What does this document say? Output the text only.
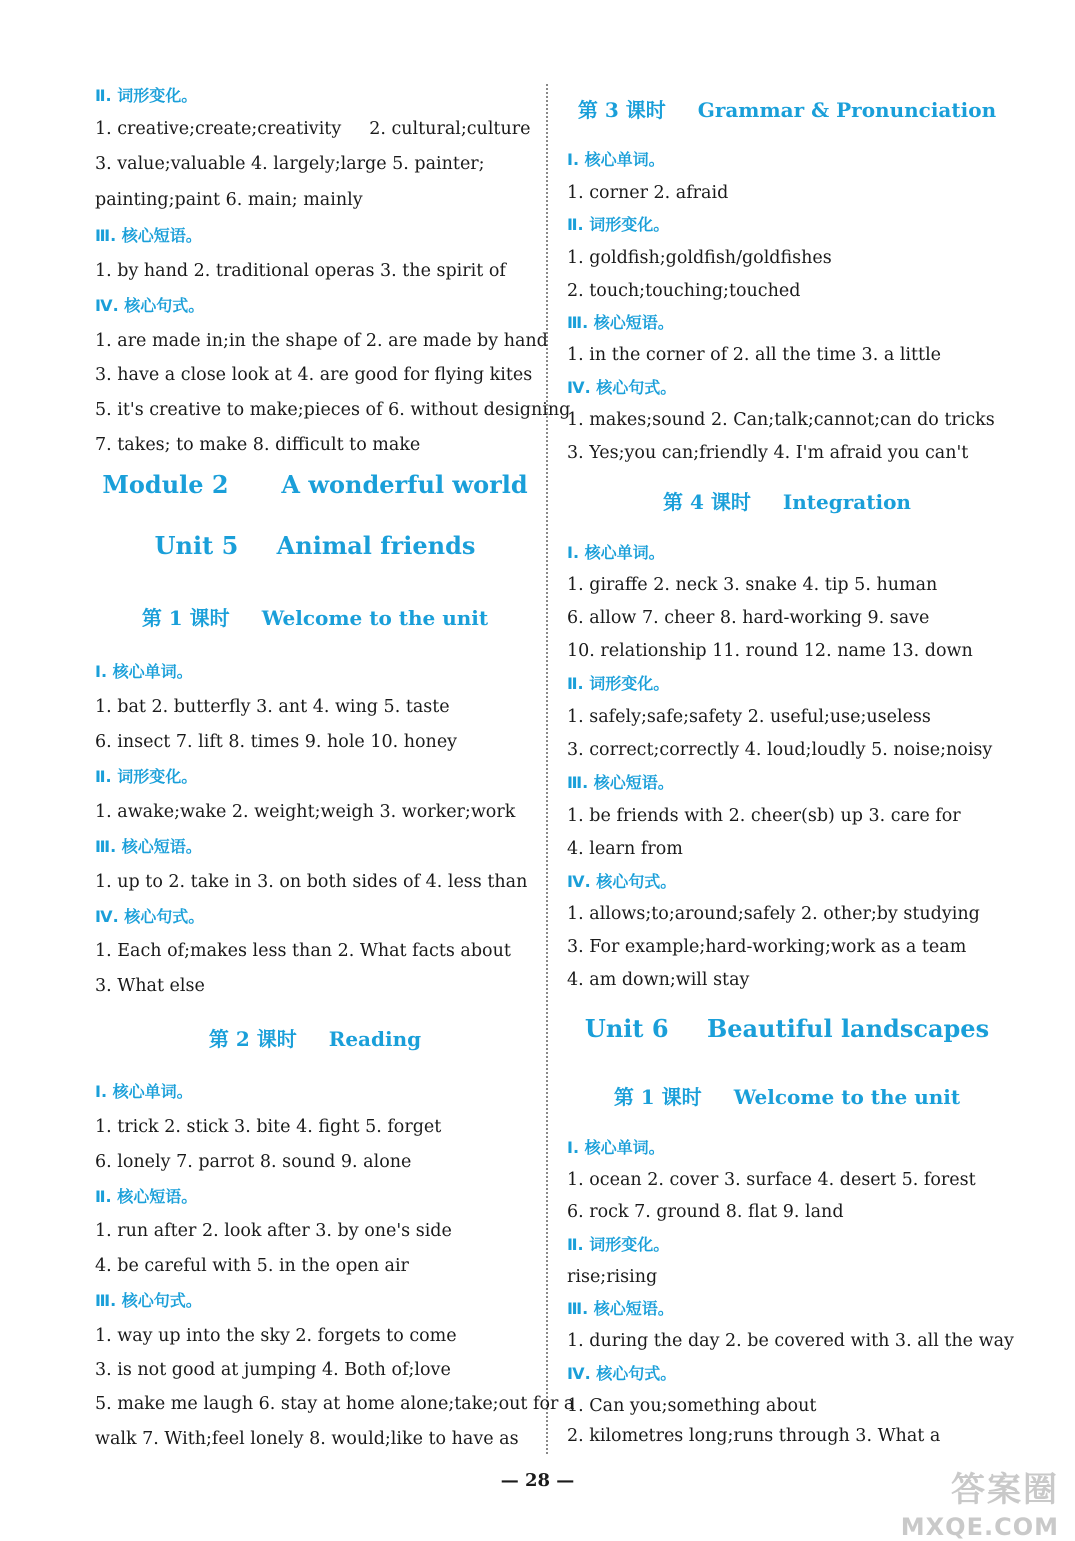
Ⅱ. 词形变化。
1. creative;create;creativity 2. cultural;culture
3. value;valuable 4. largely;large 5. painter;
painting;paint 6. main; mainly
Ⅲ. 核心短语。
1. by hand 2. traditional operas 3. the spirit of
Ⅳ. 核心句式。
1. are made in;in the shape of 2. are made by hand
3. have a close look at 4. are good for flying kites
5. it's creative to make;pieces of 6. without designing
7. takes; to make 8. difficult to make
Module 2 A wonderful world
Unit 5 Animal friends
第 1 课时 Welcome to the unit
Ⅰ. 核心单词。
1. bat 2. butterfly 3. ant 4. wing 5. taste
6. insect 7. lift 8. times 9. hole 10. honey
Ⅱ. 词形变化。
1. awake;wake 2. weight;weigh 3. worker;work
Ⅲ. 核心短语。
1. up to 2. take in 3. on both sides of 4. less than
Ⅳ. 核心句式。
1. Each of;makes less than 2. What facts about
3. What else
第 2 课时 Reading
Ⅰ. 核心单词。
1. trick 2. stick 3. bite 4. fight 5. forget
6. lonely 7. parrot 8. sound 9. alone
Ⅱ. 核心短语。
1. run after 2. look after 3. by one's side
4. be careful with 5. in the open air
Ⅲ. 核心句式。
1. way up into the sky 2. forgets to come
3. is not good at jumping 4. Both of;love
5. make me laugh 6. stay at home alone;take;out for a
walk 7. With;feel lonely 8. would;like to have as
第 3 课时 Grammar & Pronunciation
Ⅰ. 核心单词。
1. corner 2. afraid
Ⅱ. 词形变化。
1. goldfish;goldfish/goldfishes
2. touch;touching;touched
Ⅲ. 核心短语。
1. in the corner of 2. all the time 3. a little
Ⅳ. 核心句式。
1. makes;sound 2. Can;talk;cannot;can do tricks
3. Yes;you can;friendly 4. I'm afraid you can't
第 4 课时 Integration
Ⅰ. 核心单词。
1. giraffe 2. neck 3. snake 4. tip 5. human
6. allow 7. cheer 8. hard-working 9. save
10. relationship 11. round 12. name 13. down
Ⅱ. 词形变化。
1. safely;safe;safety 2. useful;use;useless
3. correct;correctly 4. loud;loudly 5. noise;noisy
Ⅲ. 核心短语。
1. be friends with 2. cheer(sb) up 3. care for
4. learn from
Ⅳ. 核心句式。
1. allows;to;around;safely 2. other;by studying
3. For example;hard-working;work as a team
4. am down;will stay
Unit 6 Beautiful landscapes
第 1 课时 Welcome to the unit
Ⅰ. 核心单词。
1. ocean 2. cover 3. surface 4. desert 5. forest
6. rock 7. ground 8. flat 9. land
Ⅱ. 词形变化。
rise;rising
Ⅲ. 核心短语。
1. during the day 2. be covered with 3. all the way
Ⅳ. 核心句式。
1. Can you;something about
2. kilometres long;runs through 3. What a
— 28 —	答案圈
MXQE.COM
